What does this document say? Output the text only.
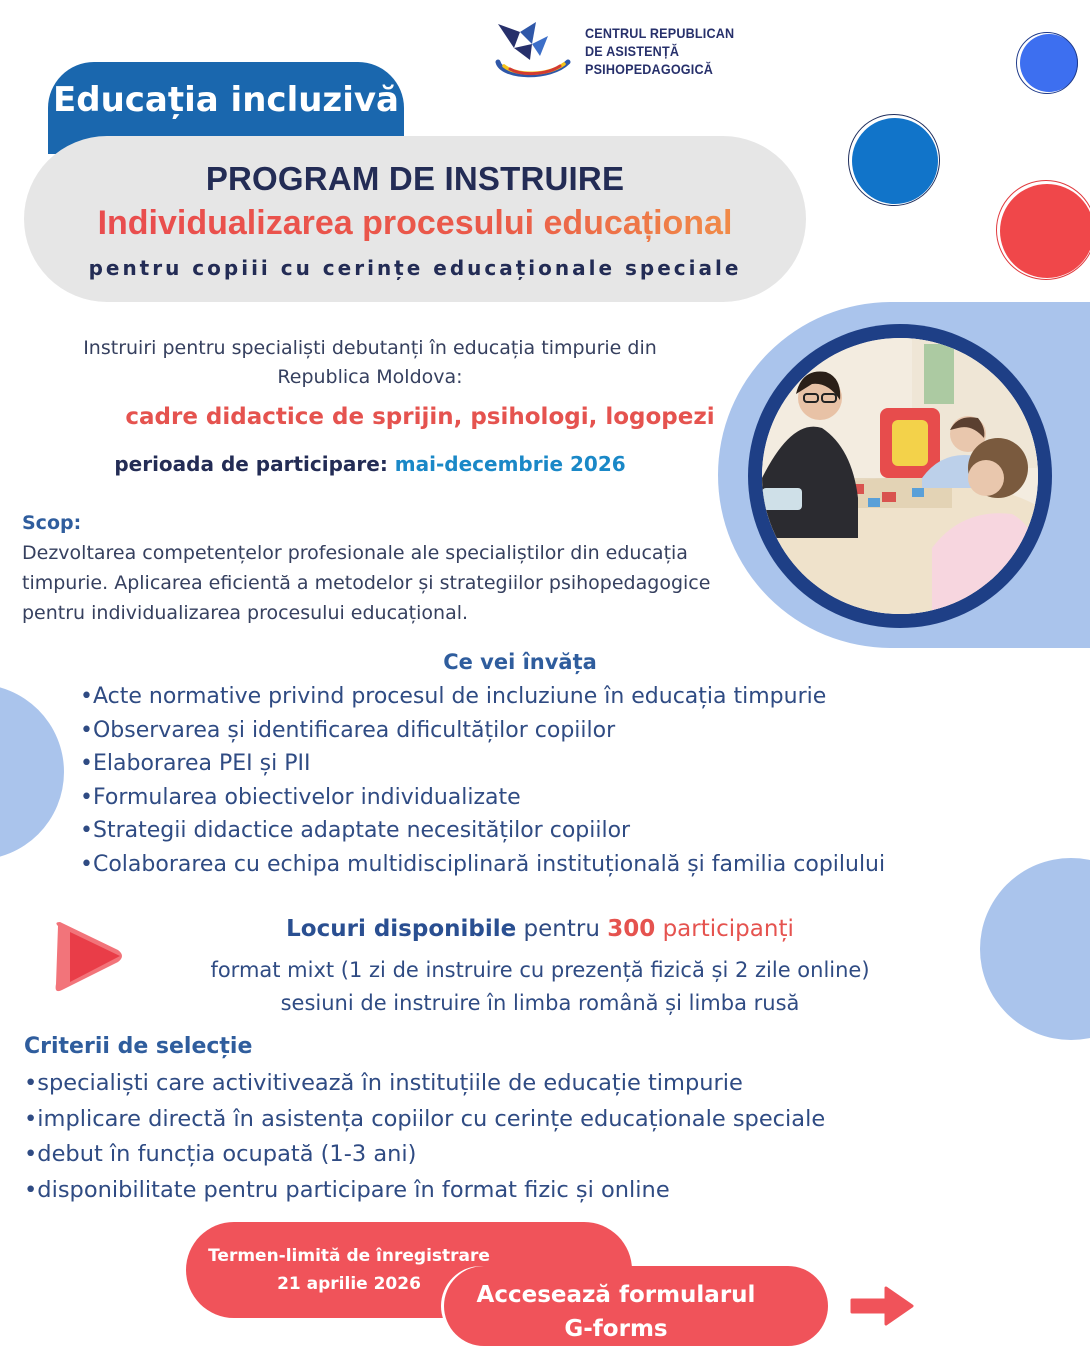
CENTRUL REPUBLICAN
DE ASISTENȚĂ
PSIHOPEDAGOGICĂ
Educația incluzivă
PROGRAM DE INSTRUIRE
Individualizarea procesului educațional
pentru copiii cu cerințe educaționale speciale
Instruiri pentru specialiști debutanți în educația timpurie din Republica Moldova:
cadre didactice de sprijin, psihologi, logopezi
perioada de participare: mai-decembrie 2026
Scop:
Dezvoltarea competențelor profesionale ale specialiștilor din educația timpurie. Aplicarea eficientă a metodelor și strategiilor psihopedagogice pentru individualizarea procesului educațional.
Ce vei învăța
• Acte normative privind procesul de incluziune în educația timpurie
• Observarea și identificarea dificultăților copiilor
• Elaborarea PEI și PII
• Formularea obiectivelor individualizate
• Strategii didactice adaptate necesităților copiilor
• Colaborarea cu echipa multidisciplinară instituțională și familia copilului
Locuri disponibile pentru 300 participanți
format mixt (1 zi de instruire cu prezență fizică și 2 zile online)
sesiuni de instruire în limba română și limba rusă
Criterii de selecție
• specialiști care activitivează în instituțiile de educație timpurie
• implicare directă în asistența copiilor cu cerințe educaționale speciale
• debut în funcția ocupată (1-3 ani)
• disponibilitate pentru participare în format fizic și online
Termen-limită de înregistrare
21 aprilie 2026	Accesează formularul
G-forms
